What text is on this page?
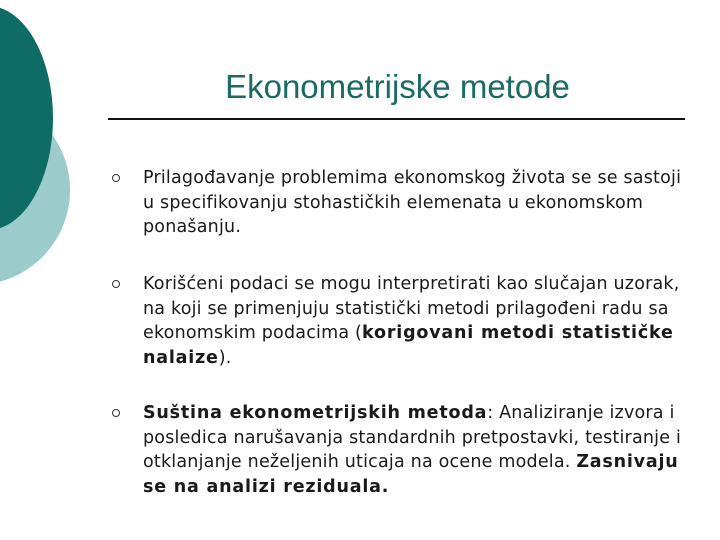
Ekonometrijske metode
Prilagođavanje problemima ekonomskog života se se sastoji u specifikovanju stohastičkih elemenata u ekonomskom ponašanju.
Korišćeni podaci se mogu interpretirati kao slučajan uzorak, na koji se primenjuju statistički metodi prilagođeni radu sa ekonomskim podacima (korigovani metodi statističke nalaize).
Suština ekonometrijskih metoda: Analiziranje izvora i posledica narušavanja standardnih pretpostavki, testiranje i otklanjanje neželjenih uticaja na ocene modela. Zasnivaju se na analizi reziduala.
